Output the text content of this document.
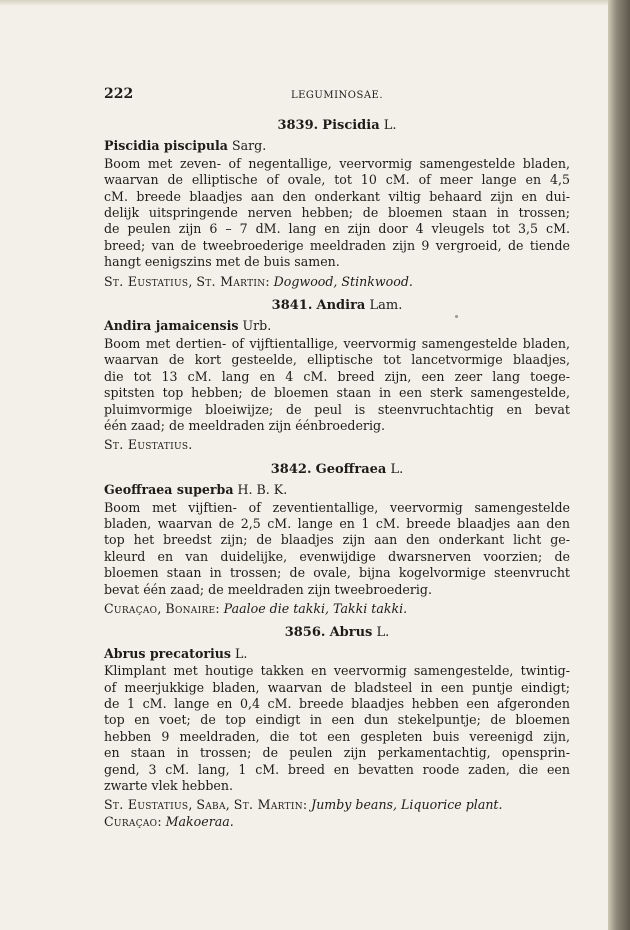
222	LEGUMINOSAE.
3839. Piscidia L.
Piscidia piscipula Sarg.
Boom met zeven- of negentallige, veervormig samengestelde bladen,
waarvan de elliptische of ovale, tot 10 cM. of meer lange en 4,5
cM. breede blaadjes aan den onderkant viltig behaard zijn en dui-
delijk uitspringende nerven hebben; de bloemen staan in trossen;
de peulen zijn 6 – 7 dM. lang en zijn door 4 vleugels tot 3,5 cM.
breed; van de tweebroederige meeldraden zijn 9 vergroeid, de tiende
hangt eenigszins met de buis samen.
St. Eustatius, St. Martin: Dogwood, Stinkwood.
3841. Andira Lam.
Andira jamaicensis Urb.
Boom met dertien- of vijftientallige, veervormig samengestelde bladen,
waarvan de kort gesteelde, elliptische tot lancetvormige blaadjes,
die tot 13 cM. lang en 4 cM. breed zijn, een zeer lang toege-
spitsten top hebben; de bloemen staan in een sterk samengestelde,
pluimvormige bloeiwijze; de peul is steenvruchtachtig en bevat
één zaad; de meeldraden zijn éénbroederig.
St. Eustatius.
3842. Geoffraea L.
Geoffraea superba H. B. K.
Boom met vijftien- of zeventientallige, veervormig samengestelde
bladen, waarvan de 2,5 cM. lange en 1 cM. breede blaadjes aan den
top het breedst zijn; de blaadjes zijn aan den onderkant licht ge-
kleurd en van duidelijke, evenwijdige dwarsnerven voorzien; de
bloemen staan in trossen; de ovale, bijna kogelvormige steenvrucht
bevat één zaad; de meeldraden zijn tweebroederig.
Curaçao, Bonaire: Paaloe die takki, Takki takki.
3856. Abrus L.
Abrus precatorius L.
Klimplant met houtige takken en veervormig samengestelde, twintig-
of meerjukkige bladen, waarvan de bladsteel in een puntje eindigt;
de 1 cM. lange en 0,4 cM. breede blaadjes hebben een afgeronden
top en voet; de top eindigt in een dun stekelpuntje; de bloemen
hebben 9 meeldraden, die tot een gespleten buis vereenigd zijn,
en staan in trossen; de peulen zijn perkamentachtig, opensprin-
gend, 3 cM. lang, 1 cM. breed en bevatten roode zaden, die een
zwarte vlek hebben.
St. Eustatius, Saba, St. Martin: Jumby beans, Liquorice plant.
Curaçao: Makoeraa.
